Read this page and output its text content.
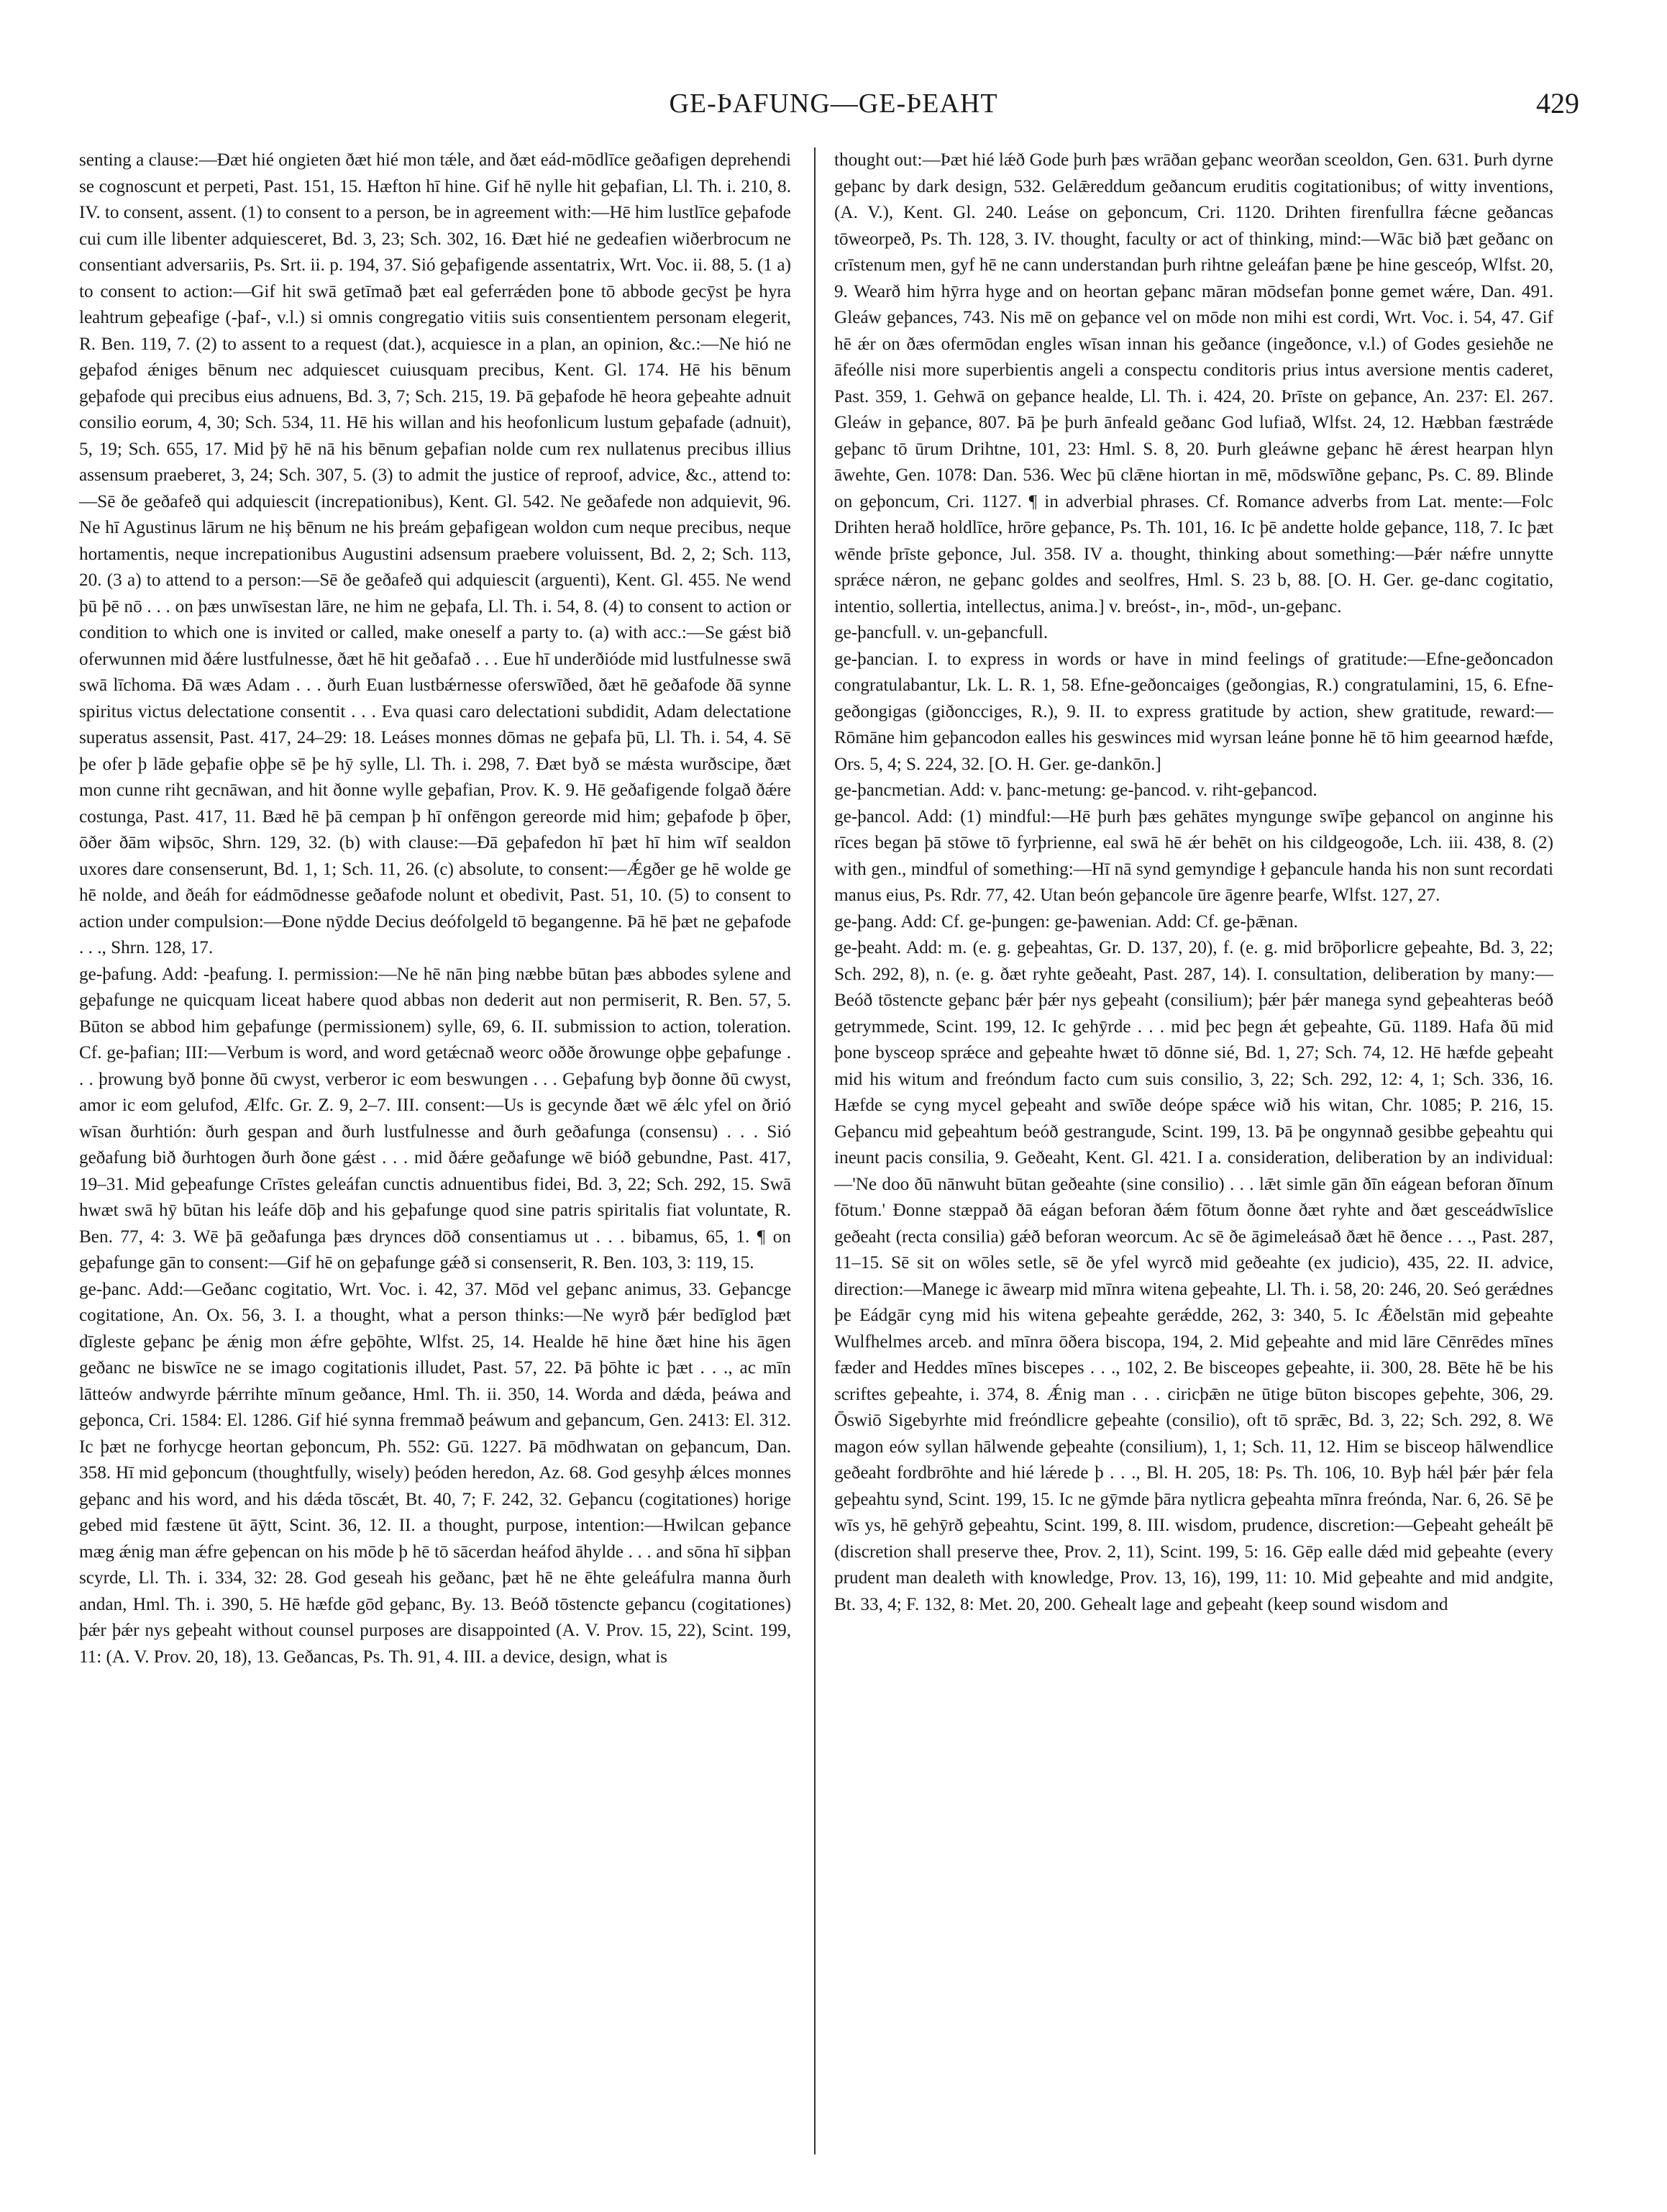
GE-ÞAFUNG—GE-ÞEAHT	429

senting a clause:—Ðæt hié ongieten ðæt hié mon tǽle, and ðæt eád-mōdlīce geðafigen deprehendi se cognoscunt et perpeti, Past. 151, 15. Hæfton hī hine. Gif hē nylle hit geþafian, Ll. Th. i. 210, 8. IV. to consent, assent. (1) to consent to a person, be in agreement with:—Hē him lustlīce geþafode cui cum ille libenter adquiesceret, Bd. 3, 23; Sch. 302, 16. Ðæt hié ne gedeafien wiðerbrocum ne consentiant adversariis, Ps. Srt. ii. p. 194, 37. Sió geþafigende assentatrix, Wrt. Voc. ii. 88, 5. (1 a) to consent to action:—Gif hit swā getīmað þæt eal geferrǽden þone tō abbode gecȳst þe hyra leahtrum geþeafige (-þaf-, v.l.) si omnis congregatio vitiis suis consentientem personam elegerit, R. Ben. 119, 7. (2) to assent to a request (dat.), acquiesce in a plan, an opinion, &c.:—Ne hió ne geþafod ǽniges bēnum nec adquiescet cuiusquam precibus, Kent. Gl. 174. Hē his bēnum geþafode qui precibus eius adnuens, Bd. 3, 7; Sch. 215, 19. Þā geþafode hē heora geþeahte adnuit consilio eorum, 4, 30; Sch. 534, 11. Hē his willan and his heofonlicum lustum geþafade (adnuit), 5, 19; Sch. 655, 17. Mid þȳ hē nā his bēnum geþafian nolde cum rex nullatenus precibus illius assensum praeberet, 3, 24; Sch. 307, 5. (3) to admit the justice of reproof, advice, &c., attend to:—Sē ðe geðafeð qui adquiescit (increpationibus), Kent. Gl. 542. Ne geðafede non adquievit, 96. Ne hī Agustinus lārum ne hiș bēnum ne his þreám geþafigean woldon cum neque precibus, neque hortamentis, neque increpationibus Augustini adsensum praebere voluissent, Bd. 2, 2; Sch. 113, 20. (3 a) to attend to a person:—Sē ðe geðafeð qui adquiescit (arguenti), Kent. Gl. 455. Ne wend þū þē nō . . . on þæs unwīsestan lāre, ne him ne geþafa, Ll. Th. i. 54, 8. (4) to consent to action or condition to which one is invited or called, make oneself a party to. (a) with acc.:—Se gǽst bið oferwunnen mid ðǽre lustfulnesse, ðæt hē hit geðafað . . . Eue hī underðióde mid lustfulnesse swā swā līchoma. Ðā wæs Adam . . . ðurh Euan lustbǽrnesse oferswīðed, ðæt hē geðafode ðā synne spiritus victus delectatione consentit . . . Eva quasi caro delectationi subdidit, Adam delectatione superatus assensit, Past. 417, 24–29: 18. Leáses monnes dōmas ne geþafa þū, Ll. Th. i. 54, 4. Sē þe ofer þ lāde geþafie oþþe sē þe hȳ sylle, Ll. Th. i. 298, 7. Ðæt byð se mǽsta wurðscipe, ðæt mon cunne riht gecnāwan, and hit ðonne wylle geþafian, Prov. K. 9. Hē geðafigende folgað ðǽre costunga, Past. 417, 11. Bæd hē þā cempan þ hī onfēngon gereorde mid him; geþafode þ ōþer, ōðer ðām wiþsōc, Shrn. 129, 32. (b) with clause:—Ðā geþafedon hī þæt hī him wīf sealdon uxores dare consenserunt, Bd. 1, 1; Sch. 11, 26. (c) absolute, to consent:—Ǽgðer ge hē wolde ge hē nolde, and ðeáh for eádmōdnesse geðafode nolunt et obedivit, Past. 51, 10. (5) to consent to action under compulsion:—Ðone nȳdde Decius deófolgeld tō begangenne. Þā hē þæt ne geþafode . . ., Shrn. 128, 17.

ge-þafung. Add: -þeafung. I. permission:—Ne hē nān þing næbbe būtan þæs abbodes sylene and geþafunge ne quicquam liceat habere quod abbas non dederit aut non permiserit, R. Ben. 57, 5. Būton se abbod him geþafunge (permissionem) sylle, 69, 6. II. submission to action, toleration. Cf. ge-þafian; III:—Verbum is word, and word getǽcnað weorc oððe ðrowunge oþþe geþafunge . . . þrowung byð þonne ðū cwyst, verberor ic eom beswungen . . . Geþafung byþ ðonne ðū cwyst, amor ic eom gelufod, Ælfc. Gr. Z. 9, 2–7. III. consent:—Us is gecynde ðæt wē ǽlc yfel on ðrió wīsan ðurhtión: ðurh gespan and ðurh lustfulnesse and ðurh geðafunga (consensu) . . . Sió geðafung bið ðurhtogen ðurh ðone gǽst . . . mid ðǽre geðafunge wē bióð gebundne, Past. 417, 19–31. Mid geþeafunge Crīstes geleáfan cunctis adnuentibus fidei, Bd. 3, 22; Sch. 292, 15. Swā hwæt swā hȳ būtan his leáfe dōþ and his geþafunge quod sine patris spiritalis fiat voluntate, R. Ben. 77, 4: 3. Wē þā geðafunga þæs drynces dōð consentiamus ut . . . bibamus, 65, 1. ¶ on geþafunge gān to consent:—Gif hē on geþafunge gǽð si consenserit, R. Ben. 103, 3: 119, 15.

ge-þanc. Add:—Geðanc cogitatio, Wrt. Voc. i. 42, 37. Mōd vel geþanc animus, 33. Geþancge cogitatione, An. Ox. 56, 3. I. a thought, what a person thinks:—Ne wyrð þǽr bedīglod þæt dīgleste geþanc þe ǽnig mon ǽfre geþōhte, Wlfst. 25, 14. Healde hē hine ðæt hine his āgen geðanc ne biswīce ne se imago cogitationis illudet, Past. 57, 22. Þā þōhte ic þæt . . ., ac mīn lātteów andwyrde þǽrrihte mīnum geðance, Hml. Th. ii. 350, 14. Worda and dǽda, þeáwa and geþonca, Cri. 1584: El. 1286. Gif hié synna fremmað þeáwum and geþancum, Gen. 2413: El. 312. Ic þæt ne forhycge heortan geþoncum, Ph. 552: Gū. 1227. Þā mōdhwatan on geþancum, Dan. 358. Hī mid geþoncum (thoughtfully, wisely) þeóden heredon, Az. 68. God gesyhþ ǽlces monnes geþanc and his word, and his dǽda tōscǽt, Bt. 40, 7; F. 242, 32. Geþancu (cogitationes) horige gebed mid fæstene ūt āȳtt, Scint. 36, 12. II. a thought, purpose, intention:—Hwilcan geþance mæg ǽnig man ǽfre geþencan on his mōde þ hē tō sācerdan heáfod āhylde . . . and sōna hī siþþan scyrde, Ll. Th. i. 334, 32: 28. God geseah his geðanc, þæt hē ne ēhte geleáfulra manna ðurh andan, Hml. Th. i. 390, 5. Hē hæfde gōd geþanc, By. 13. Beóð tōstencte geþancu (cogitationes) þǽr þǽr nys geþeaht without counsel purposes are disappointed (A. V. Prov. 15, 22), Scint. 199, 11: (A. V. Prov. 20, 18), 13. Geðancas, Ps. Th. 91, 4. III. a device, design, what is

thought out:—Þæt hié lǽð Gode þurh þæs wrāðan geþanc weorðan sceoldon, Gen. 631. Þurh dyrne geþanc by dark design, 532. Gelǣreddum geðancum eruditis cogitationibus; of witty inventions, (A. V.), Kent. Gl. 240. Leáse on geþoncum, Cri. 1120. Drihten firenfullra fǽcne geðancas tōweorpeð, Ps. Th. 128, 3. IV. thought, faculty or act of thinking, mind:—Wāc bið þæt geðanc on crīstenum men, gyf hē ne cann understandan þurh rihtne geleáfan þæne þe hine gesceóp, Wlfst. 20, 9. Wearð him hȳrra hyge and on heortan geþanc māran mōdsefan þonne gemet wǽre, Dan. 491. Gleáw geþances, 743. Nis mē on geþance vel on mōde non mihi est cordi, Wrt. Voc. i. 54, 47. Gif hē ǽr on ðæs ofermōdan engles wīsan innan his geðance (ingeðonce, v.l.) of Godes gesiehðe ne āfeólle nisi more superbientis angeli a conspectu conditoris prius intus aversione mentis caderet, Past. 359, 1. Gehwā on geþance healde, Ll. Th. i. 424, 20. Þrīste on geþance, An. 237: El. 267. Gleáw in geþance, 807. Þā þe þurh ānfeald geðanc God lufiað, Wlfst. 24, 12. Hæbban fæstrǽde geþanc tō ūrum Drihtne, 101, 23: Hml. S. 8, 20. Þurh gleáwne geþanc hē ǽrest hearpan hlyn āwehte, Gen. 1078: Dan. 536. Wec þū clǣne hiortan in mē, mōdswīðne geþanc, Ps. C. 89. Blinde on geþoncum, Cri. 1127. ¶ in adverbial phrases. Cf. Romance adverbs from Lat. mente:—Folc Drihten herað holdlīce, hrōre geþance, Ps. Th. 101, 16. Ic þē andette holde geþance, 118, 7. Ic þæt wēnde þrīste geþonce, Jul. 358. IV a. thought, thinking about something:—Þǽr nǽfre unnytte sprǽce nǽron, ne geþanc goldes and seolfres, Hml. S. 23 b, 88. [O. H. Ger. ge-danc cogitatio, intentio, sollertia, intellectus, anima.] v. breóst-, in-, mōd-, un-geþanc.

ge-þancfull. v. un-geþancfull.

ge-þancian. I. to express in words or have in mind feelings of gratitude:—Efne-geðoncadon congratulabantur, Lk. L. R. 1, 58. Efne-geðoncaiges (geðongias, R.) congratulamini, 15, 6. Efne-geðongigas (giðoncciges, R.), 9. II. to express gratitude by action, shew gratitude, reward:—Rōmāne him geþancodon ealles his geswinces mid wyrsan leáne þonne hē tō him geearnod hæfde, Ors. 5, 4; S. 224, 32. [O. H. Ger. ge-dankōn.]

ge-þancmetian. Add: v. þanc-metung: ge-þancod. v. riht-geþancod.

ge-þancol. Add: (1) mindful:—Hē þurh þæs gehātes myngunge swīþe geþancol on anginne his rīces began þā stōwe tō fyrþrienne, eal swā hē ǽr behēt on his cildgeogoðe, Lch. iii. 438, 8. (2) with gen., mindful of something:—Hī nā synd gemyndige ł geþancule handa his non sunt recordati manus eius, Ps. Rdr. 77, 42. Utan beón geþancole ūre āgenre þearfe, Wlfst. 127, 27.

ge-þang. Add: Cf. ge-þungen: ge-þawenian. Add: Cf. ge-þǣnan.

ge-þeaht. Add: m. (e. g. geþeahtas, Gr. D. 137, 20), f. (e. g. mid brōþorlicre geþeahte, Bd. 3, 22; Sch. 292, 8), n. (e. g. ðæt ryhte geðeaht, Past. 287, 14). I. consultation, deliberation by many:—Beóð tōstencte geþanc þǽr þǽr nys geþeaht (consilium); þǽr þǽr manega synd geþeahteras beóð getrymmede, Scint. 199, 12. Ic gehȳrde . . . mid þec þegn ǽt geþeahte, Gū. 1189. Hafa ðū mid þone bysceop sprǽce and geþeahte hwæt tō dōnne sié, Bd. 1, 27; Sch. 74, 12. Hē hæfde geþeaht mid his witum and freóndum facto cum suis consilio, 3, 22; Sch. 292, 12: 4, 1; Sch. 336, 16. Hæfde se cyng mycel geþeaht and swīðe deópe spǽce wið his witan, Chr. 1085; P. 216, 15. Geþancu mid geþeahtum beóð gestrangude, Scint. 199, 13. Þā þe ongynnað gesibbe geþeahtu qui ineunt pacis consilia, 9. Geðeaht, Kent. Gl. 421. I a. consideration, deliberation by an individual:—'Ne doo ðū nānwuht būtan geðeahte (sine consilio) . . . lǣt simle gān ðīn eágean beforan ðīnum fōtum.' Ðonne stæppað ðā eágan beforan ðǽm fōtum ðonne ðæt ryhte and ðæt gesceádwīslice geðeaht (recta consilia) gǽð beforan weorcum. Ac sē ðe āgimeleásað ðæt hē ðence . . ., Past. 287, 11–15. Sē sit on wōles setle, sē ðe yfel wyrcð mid geðeahte (ex judicio), 435, 22. II. advice, direction:—Manege ic āwearp mid mīnra witena geþeahte, Ll. Th. i. 58, 20: 246, 20. Seó gerǽdnes þe Eádgār cyng mid his witena geþeahte gerǽdde, 262, 3: 340, 5. Ic Ǽðelstān mid geþeahte Wulfhelmes arceb. and mīnra ōðera biscopa, 194, 2. Mid geþeahte and mid lāre Cēnrēdes mīnes fæder and Heddes mīnes biscepes . . ., 102, 2. Be bisceopes geþeahte, ii. 300, 28. Bēte hē be his scriftes geþeahte, i. 374, 8. Ǽnig man . . . ciricþǣn ne ūtige būton biscopes geþehte, 306, 29. Ōswiō Sigebyrhte mid freóndlicre geþeahte (consilio), oft tō sprǣc, Bd. 3, 22; Sch. 292, 8. Wē magon eów syllan hālwende geþeahte (consilium), 1, 1; Sch. 11, 12. Him se bisceop hālwendlice geðeaht fordbrōhte and hié lǽrede þ . . ., Bl. H. 205, 18: Ps. Th. 106, 10. Byþ hǽl þǽr þǽr fela geþeahtu synd, Scint. 199, 15. Ic ne gȳmde þāra nytlicra geþeahta mīnra freónda, Nar. 6, 26. Sē þe wīs ys, hē gehȳrð geþeahtu, Scint. 199, 8. III. wisdom, prudence, discretion:—Geþeaht geheált þē (discretion shall preserve thee, Prov. 2, 11), Scint. 199, 5: 16. Gēp ealle dǽd mid geþeahte (every prudent man dealeth with knowledge, Prov. 13, 16), 199, 11: 10. Mid geþeahte and mid andgite, Bt. 33, 4; F. 132, 8: Met. 20, 200. Gehealt lage and geþeaht (keep sound wisdom and
